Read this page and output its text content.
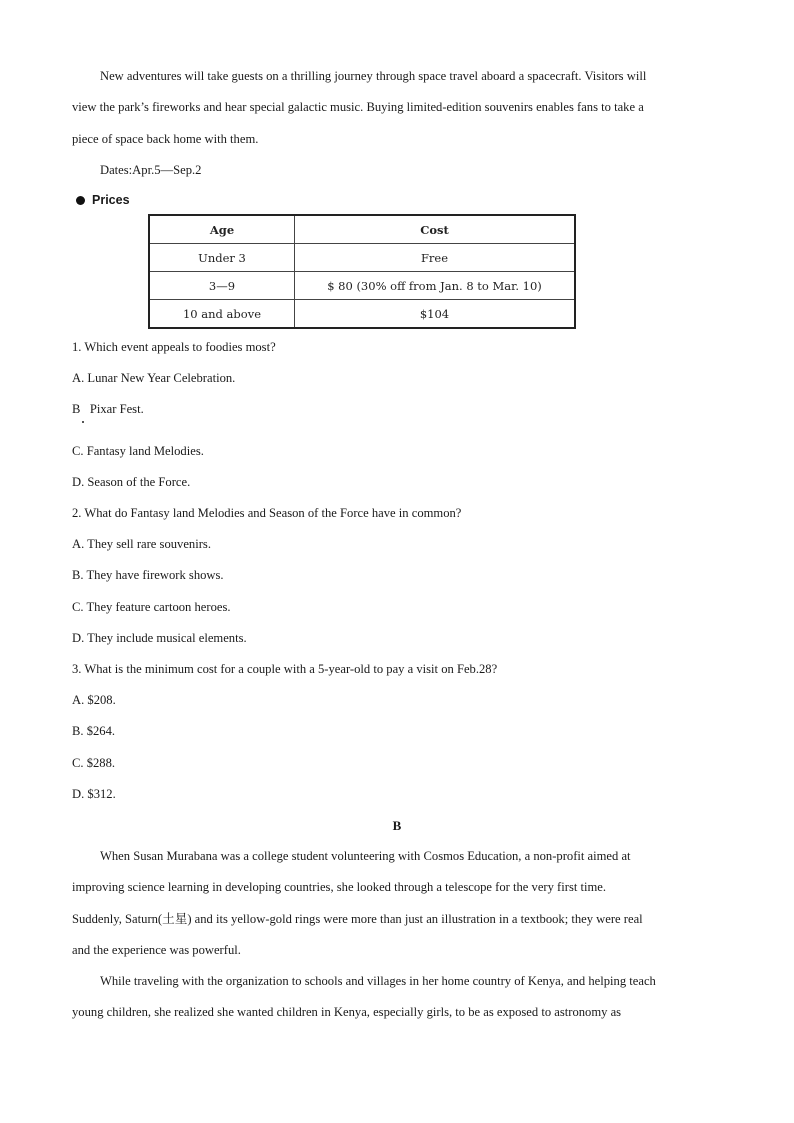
New adventures will take guests on a thrilling journey through space travel aboard a spacecraft. Visitors will
view the park’s fireworks and hear special galactic music. Buying limited-edition souvenirs enables fans to take a
piece of space back home with them.
Dates:Apr.5—Sep.2
Prices
Age	Cost
Under 3	Free
3—9	$ 80 (30% off from Jan. 8 to Mar. 10)
10 and above	$104
1. Which event appeals to foodies most?
A. Lunar New Year Celebration.
B   Pixar Fest.
C. Fantasy land Melodies.
D. Season of the Force.
2. What do Fantasy land Melodies and Season of the Force have in common?
A. They sell rare souvenirs.
B. They have firework shows.
C. They feature cartoon heroes.
D. They include musical elements.
3. What is the minimum cost for a couple with a 5-year-old to pay a visit on Feb.28?
A. $208.
B. $264.
C. $288.
D. $312.
B
When Susan Murabana was a college student volunteering with Cosmos Education, a non-profit aimed at
improving science learning in developing countries, she looked through a telescope for the very first time.
Suddenly, Saturn(土星) and its yellow-gold rings were more than just an illustration in a textbook; they were real
and the experience was powerful.
While traveling with the organization to schools and villages in her home country of Kenya, and helping teach
young children, she realized she wanted children in Kenya, especially girls, to be as exposed to astronomy as
